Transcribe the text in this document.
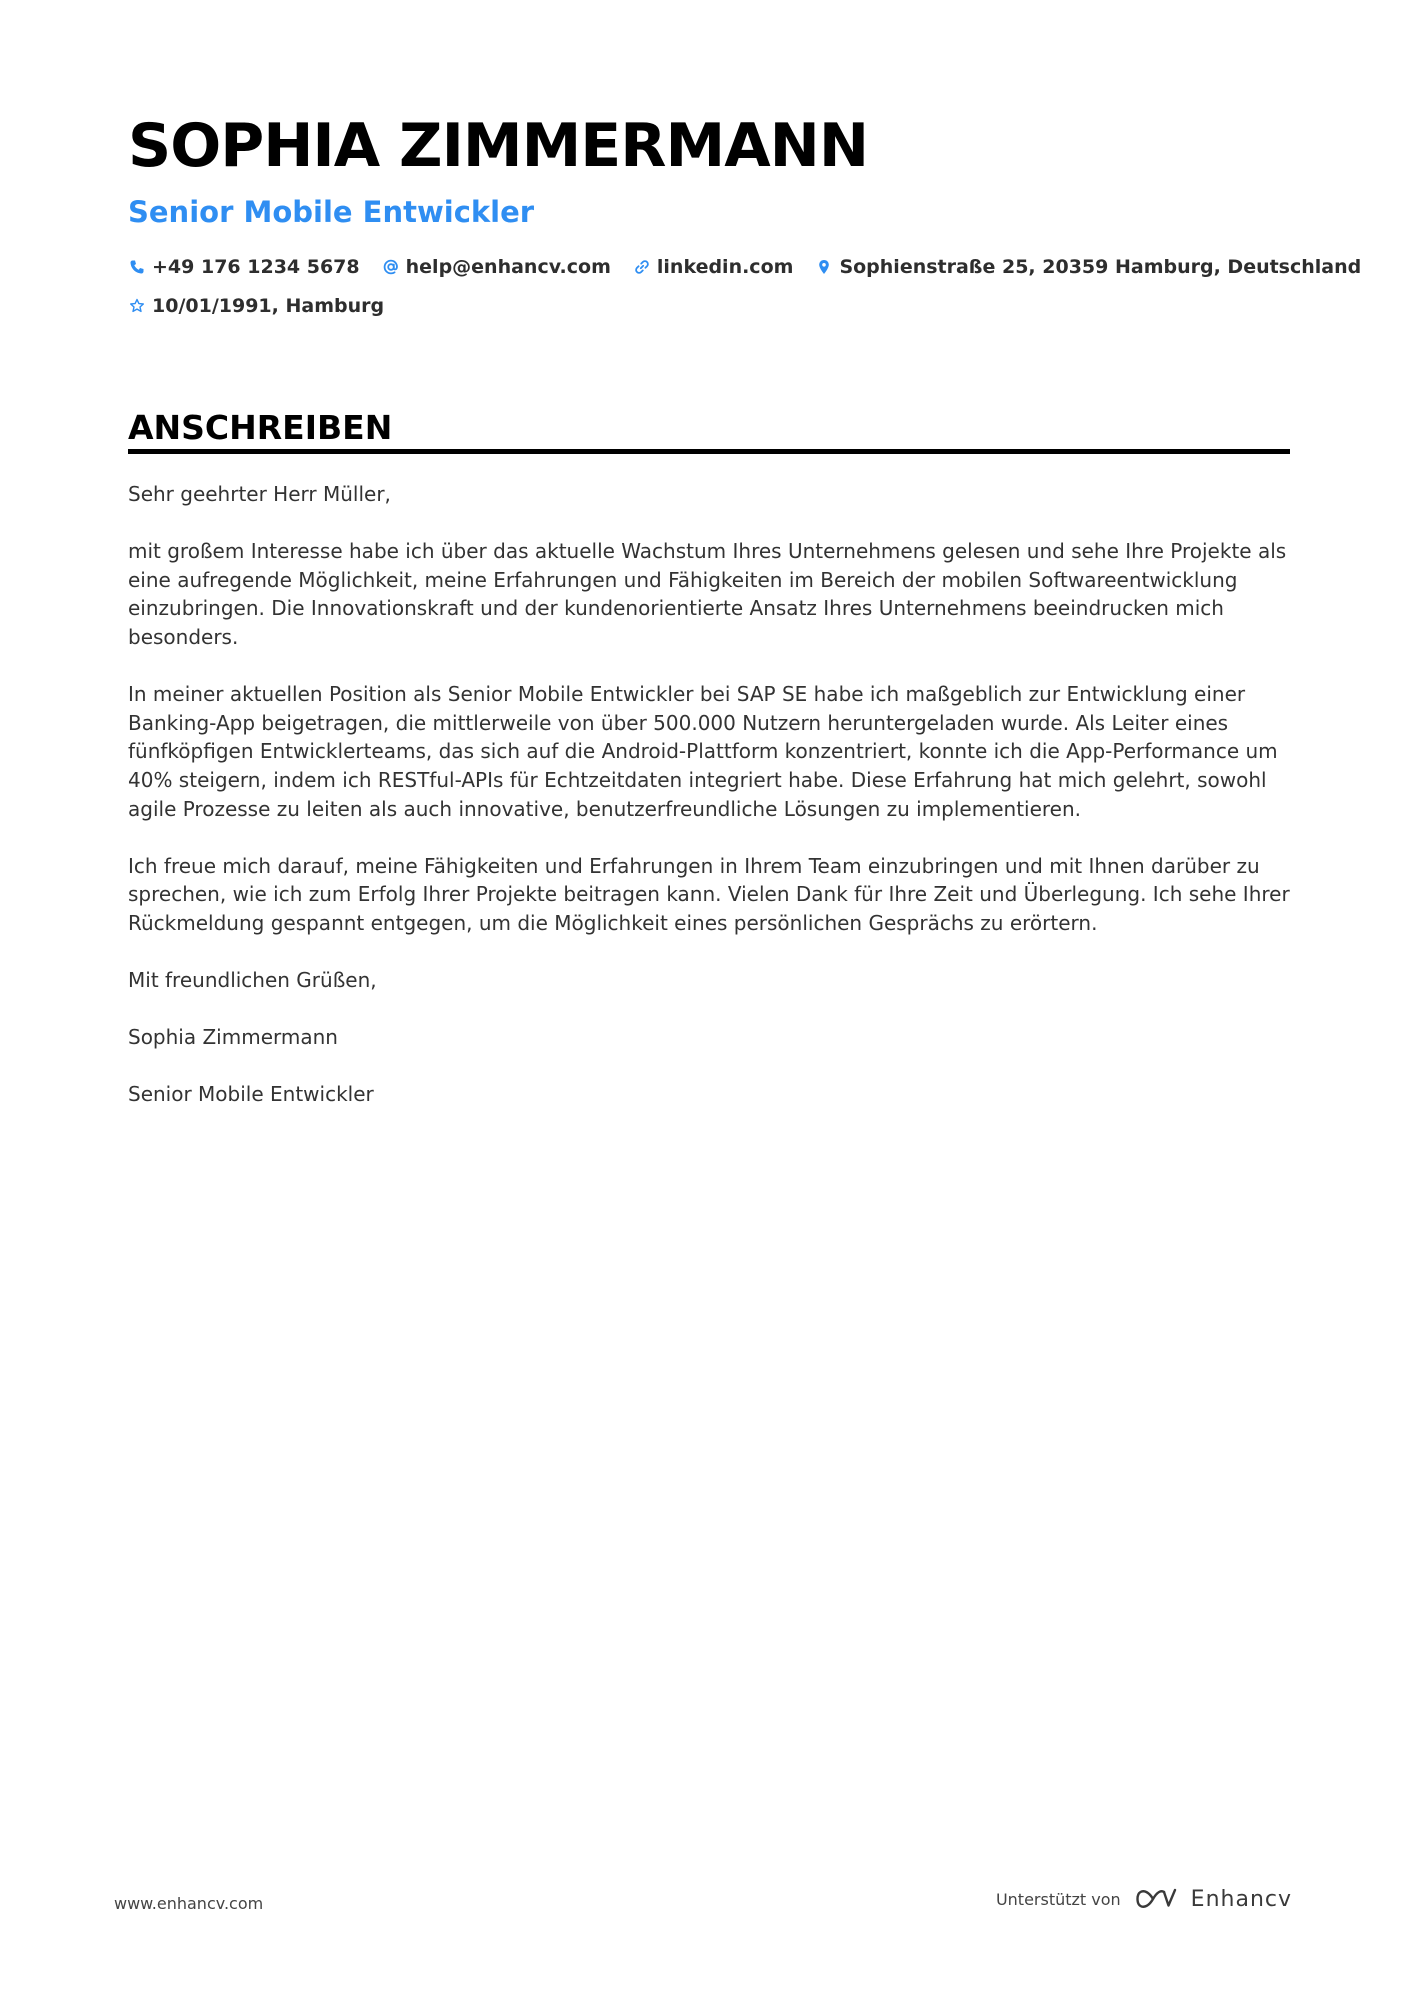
SOPHIA ZIMMERMANN
Senior Mobile Entwickler
+49 176 1234 5678 help@enhancv.com linkedin.com Sophienstraße 25, 20359 Hamburg, Deutschland
10/01/1991, Hamburg
ANSCHREIBEN

Sehr geehrter Herr Müller,

mit großem Interesse habe ich über das aktuelle Wachstum Ihres Unternehmens gelesen und sehe Ihre Projekte als eine aufregende Möglichkeit, meine Erfahrungen und Fähigkeiten im Bereich der mobilen Softwareentwicklung einzubringen. Die Innovationskraft und der kundenorientierte Ansatz Ihres Unternehmens beeindrucken mich besonders.

In meiner aktuellen Position als Senior Mobile Entwickler bei SAP SE habe ich maßgeblich zur Entwicklung einer Banking-App beigetragen, die mittlerweile von über 500.000 Nutzern heruntergeladen wurde. Als Leiter eines fünfköpfigen Entwicklerteams, das sich auf die Android-Plattform konzentriert, konnte ich die App-Performance um 40% steigern, indem ich RESTful-APIs für Echtzeitdaten integriert habe. Diese Erfahrung hat mich gelehrt, sowohl agile Prozesse zu leiten als auch innovative, benutzerfreundliche Lösungen zu implementieren.

Ich freue mich darauf, meine Fähigkeiten und Erfahrungen in Ihrem Team einzubringen und mit Ihnen darüber zu sprechen, wie ich zum Erfolg Ihrer Projekte beitragen kann. Vielen Dank für Ihre Zeit und Überlegung. Ich sehe Ihrer Rückmeldung gespannt entgegen, um die Möglichkeit eines persönlichen Gesprächs zu erörtern.

Mit freundlichen Grüßen,

Sophia Zimmermann

Senior Mobile Entwickler

www.enhancv.com	Unterstützt von	Enhancv
